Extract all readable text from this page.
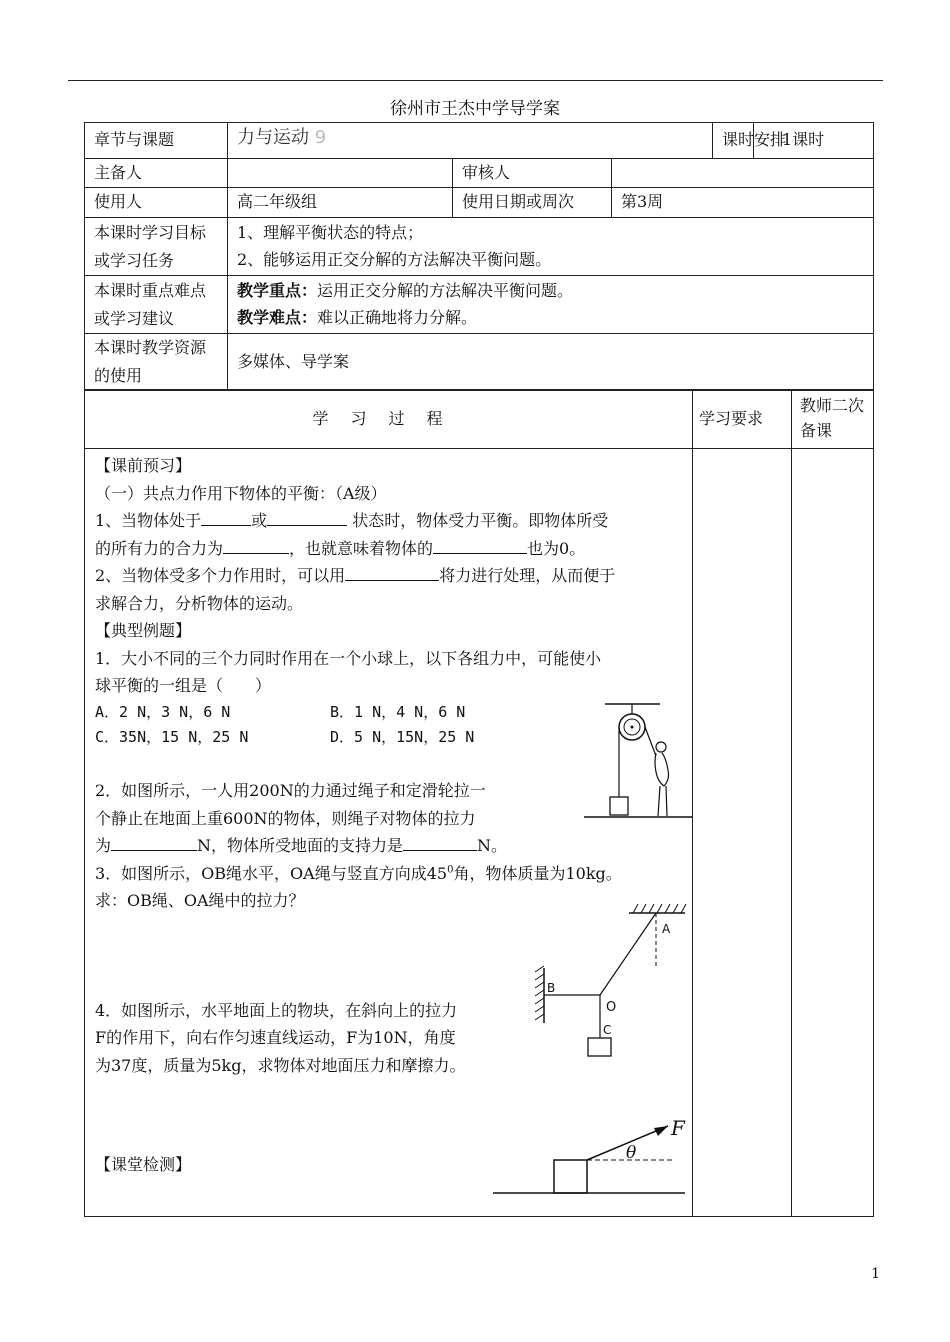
徐州市王杰中学导学案
章节与课题	力与运动 9			课时安排	1课时
主备人		审核人			
使用人	高二年级组	使用日期或周次	第3周		
本课时学习目标或学习任务	1、理解平衡状态的特点；
2、能够运用正交分解的方法解决平衡问题。				

本课时重点难点或学习建议	教学重点：运用正交分解的方法解决平衡问题。
教学难点：难以正确地将力分解。				

本课时教学资源的使用	多媒体、导学案				
学习过程	学习要求	教师二次备课

【课前预习】
（一）共点力作用下物体的平衡：（A级）
1、当物体处于	或	状态时，物体受力平衡。即物体所受
的所有力的合力为	，也就意味着物体的	也为0。
2、当物体受多个力作用时，可以用	将力进行处理，从而便于
求解合力，分析物体的运动。
【典型例题】
1．大小不同的三个力同时作用在一个小球上，以下各组力中，可能使小
球平衡的一组是（　　）
A．2 N，3 N，6 N	B．1 N，4 N，6 N
C．35N，15 N，25 N	D．5 N，15N，25 N
2．如图所示，一人用200N的力通过绳子和定滑轮拉一
个静止在地面上重600N的物体，则绳子对物体的拉力
为	N，物体所受地面的支持力是	N。
3．如图所示，OB绳水平，OA绳与竖直方向成$45^0$角，物体质量为10kg。
求：OB绳、OA绳中的拉力？
4．如图所示，水平地面上的物块，在斜向上的拉力
F的作用下，向右作匀速直线运动，F为10N，角度
为37度，质量为5kg，求物体对地面压力和摩擦力。
【课堂检测】
A
B
O
C
F
θ
1
